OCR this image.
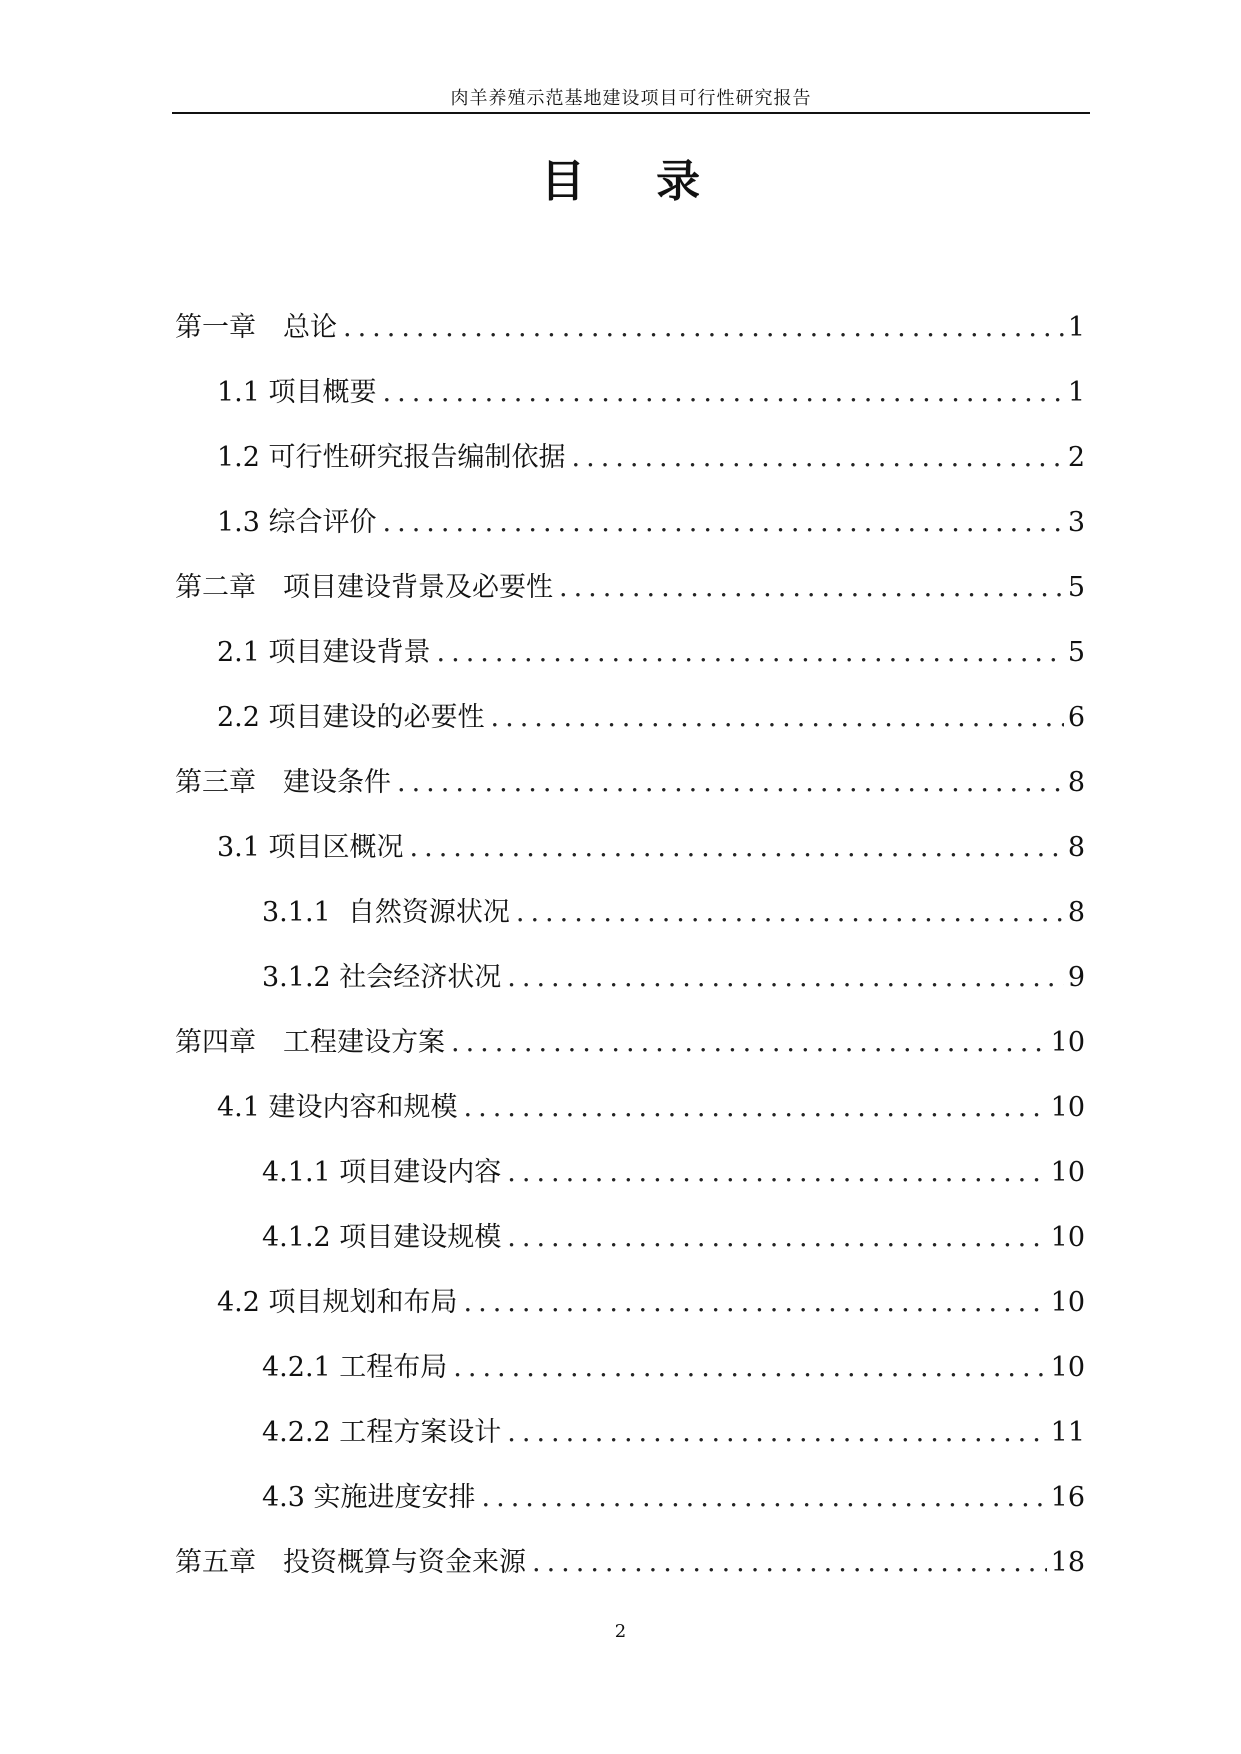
肉羊养殖示范基地建设项目可行性研究报告
目 录
第一章　总论 .....	1
1.1 项目概要 .....	1
1.2 可行性研究报告编制依据 .....	2
1.3 综合评价 .....	3
第二章　项目建设背景及必要性 .....	5
2.1 项目建设背景 .....	5
2.2 项目建设的必要性 .....	6
第三章　建设条件 .....	8
3.1 项目区概况 .....	8
3.1.1  自然资源状况 .....	8
3.1.2 社会经济状况 .....	9
第四章　工程建设方案 .....	10
4.1 建设内容和规模 .....	10
4.1.1 项目建设内容 .....	10
4.1.2 项目建设规模 .....	10
4.2 项目规划和布局 .....	10
4.2.1 工程布局 .....	10
4.2.2 工程方案设计 .....	11
4.3 实施进度安排 .....	16
第五章　投资概算与资金来源 .....	18
2
